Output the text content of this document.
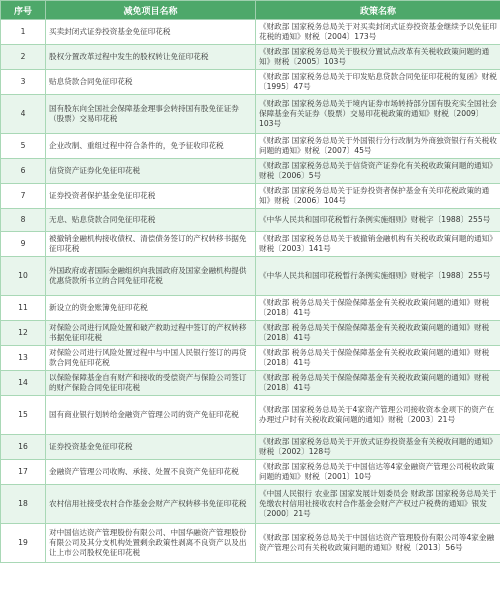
序号	减免项目名称	政策名称
1	买卖封闭式证券投资基金免征印花税	《财政部 国家税务总局关于对买卖封闭式证券投资基金继续予以免征印花税的通知》财税〔2004〕173号
2	股权分置改革过程中发生的股权转让免征印花税	《财政部 国家税务总局关于股权分置试点改革有关税收政策问题的通知》财税〔2005〕103号
3	贴息贷款合同免征印花税	《财政部 国家税务总局关于印发贴息贷款合同免征印花税的复函》财税〔1995〕47号
4	国有股东向全国社会保障基金理事会转持国有股免征证券（股票）交易印花税	《财政部 国家税务总局关于境内证券市场转持部分国有股充实全国社会保障基金有关证券（股票）交易印花税政策的通知》财税〔2009〕103号
5	企业改制、重组过程中符合条件的，免予征收印花税	《财政部 国家税务总局关于外国银行分行改制为外商独资银行有关税收问题的通知》财税〔2007〕45号
6	信贷资产证券化免征印花税	《财政部 国家税务总局关于信贷资产证券化有关税收政策问题的通知》财税〔2006〕5号
7	证券投资者保护基金免征印花税	《财政部 国家税务总局关于证券投资者保护基金有关印花税政策的通知》财税〔2006〕104号
8	无息、贴息贷款合同免征印花税	《中华人民共和国印花税暂行条例实施细则》财税字〔1988〕255号
9	被撤销金融机构接收债权、清偿债务签订的产权转移书据免征印花税	《财政部 国家税务总局关于被撤销金融机构有关税收政策问题的通知》财税〔2003〕141号
10	外国政府或者国际金融组织向我国政府及国家金融机构提供优惠贷款所书立的合同免征印花税	《中华人民共和国印花税暂行条例实施细则》财税字〔1988〕255号
11	新设立的资金账簿免征印花税	《财政部 税务总局关于保险保障基金有关税收政策问题的通知》财税〔2018〕41号
12	对保险公司进行风险处置和破产救助过程中签订的产权转移书据免征印花税	《财政部 税务总局关于保险保障基金有关税收政策问题的通知》财税〔2018〕41号
13	对保险公司进行风险处置过程中与中国人民银行签订的再贷款合同免征印花税	《财政部 税务总局关于保险保障基金有关税收政策问题的通知》财税〔2018〕41号
14	以保险保障基金自有财产和接收的受偿资产与保险公司签订的财产保险合同免征印花税	《财政部 税务总局关于保险保障基金有关税收政策问题的通知》财税〔2018〕41号
15	国有商业银行划转给金融资产管理公司的资产免征印花税	《财政部 国家税务总局关于4家资产管理公司接收资本金项下的资产在办理过户时有关税收政策问题的通知》财税〔2003〕21号
16	证券投资基金免征印花税	《财政部 国家税务总局关于开放式证券投资基金有关税收问题的通知》财税〔2002〕128号
17	金融资产管理公司收购、承接、处置不良资产免征印花税	《财政部 国家税务总局关于中国信达等4家金融资产管理公司税收政策问题的通知》财税〔2001〕10号
18	农村信用社接受农村合作基金会财产产权转移书免征印花税	《中国人民银行 农业部 国家发展计划委员会 财政部 国家税务总局关于免缴农村信用社接收农村合作基金会财产产权过户税费的通知》银发〔2000〕21号
19	对中国信达资产管理股份有限公司、中国华融资产管理股份有限公司及其分支机构处置剩余政策性剥离不良资产以及出让上市公司股权免征印花税	《财政部 国家税务总局关于中国信达资产管理股份有限公司等4家金融资产管理公司有关税收政策问题的通知》财税〔2013〕56号
